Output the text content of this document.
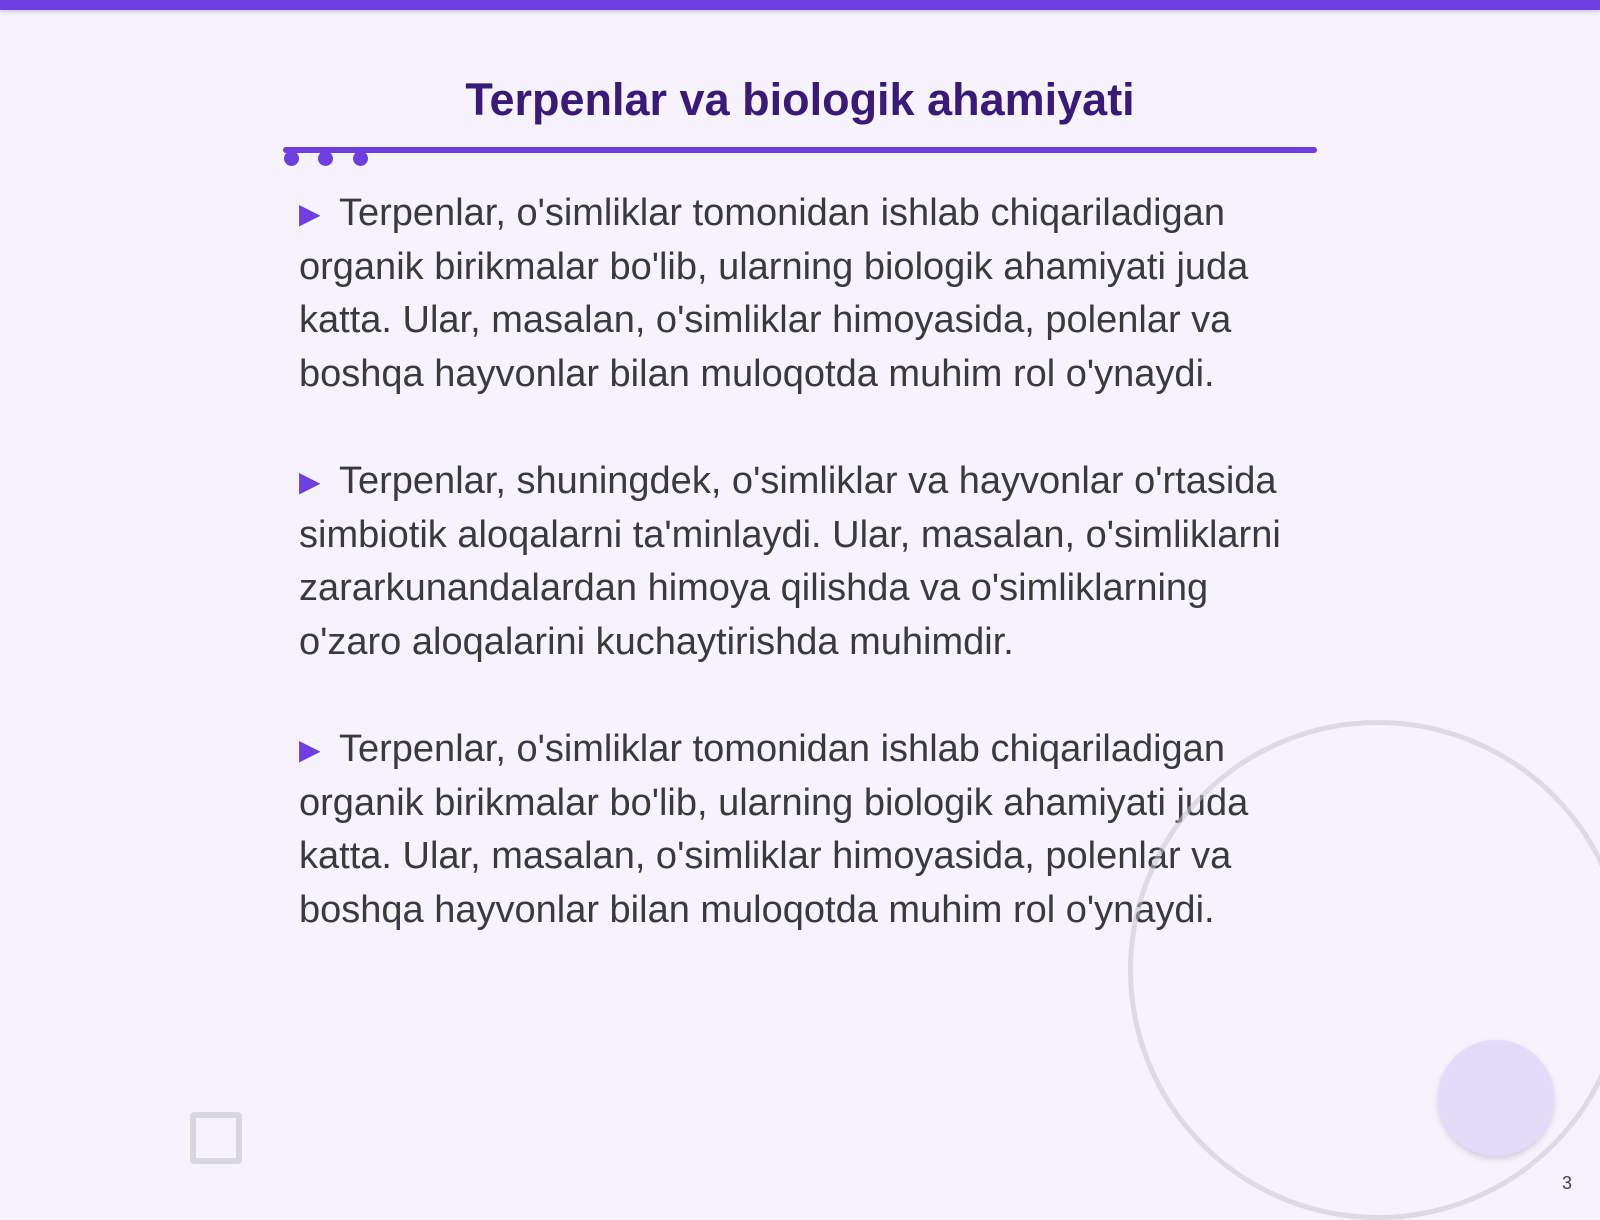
Terpenlar va biologik ahamiyati
▶ Terpenlar, o'simliklar tomonidan ishlab chiqariladigan organik birikmalar bo'lib, ularning biologik ahamiyati juda katta. Ular, masalan, o'simliklar himoyasida, polenlar va boshqa hayvonlar bilan muloqotda muhim rol o'ynaydi.
▶ Terpenlar, shuningdek, o'simliklar va hayvonlar o'rtasida simbiotik aloqalarni ta'minlaydi. Ular, masalan, o'simliklarni zararkunandalardan himoya qilishda va o'simliklarning o'zaro aloqalarini kuchaytirishda muhimdir.
▶ Terpenlar, o'simliklar tomonidan ishlab chiqariladigan organik birikmalar bo'lib, ularning biologik ahamiyati juda katta. Ular, masalan, o'simliklar himoyasida, polenlar va boshqa hayvonlar bilan muloqotda muhim rol o'ynaydi.
3
